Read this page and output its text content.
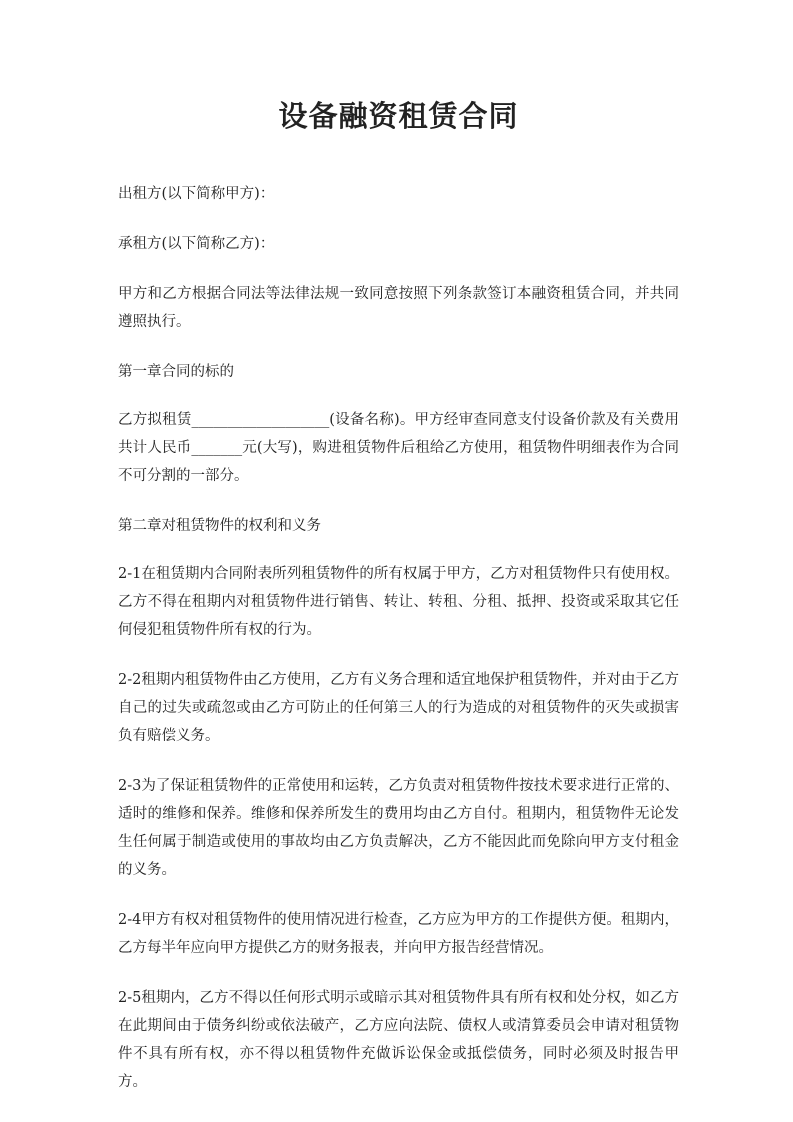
设备融资租赁合同

出租方(以下简称甲方)：

承租方(以下简称乙方)：

甲方和乙方根据合同法等法律法规一致同意按照下列条款签订本融资租赁合同，并共同遵照执行。

第一章合同的标的

乙方拟租赁___________________(设备名称)。甲方经审查同意支付设备价款及有关费用共计人民币_______元(大写)，购进租赁物件后租给乙方使用，租赁物件明细表作为合同不可分割的一部分。

第二章对租赁物件的权利和义务

2-1在租赁期内合同附表所列租赁物件的所有权属于甲方，乙方对租赁物件只有使用权。乙方不得在租期内对租赁物件进行销售、转让、转租、分租、抵押、投资或采取其它任何侵犯租赁物件所有权的行为。

2-2租期内租赁物件由乙方使用，乙方有义务合理和适宜地保护租赁物件，并对由于乙方自己的过失或疏忽或由乙方可防止的任何第三人的行为造成的对租赁物件的灭失或损害负有赔偿义务。

2-3为了保证租赁物件的正常使用和运转，乙方负责对租赁物件按技术要求进行正常的、适时的维修和保养。维修和保养所发生的费用均由乙方自付。租期内，租赁物件无论发生任何属于制造或使用的事故均由乙方负责解决，乙方不能因此而免除向甲方支付租金的义务。

2-4甲方有权对租赁物件的使用情况进行检查，乙方应为甲方的工作提供方便。租期内，乙方每半年应向甲方提供乙方的财务报表，并向甲方报告经营情况。

2-5租期内，乙方不得以任何形式明示或暗示其对租赁物件具有所有权和处分权，如乙方在此期间由于债务纠纷或依法破产，乙方应向法院、债权人或清算委员会申请对租赁物件不具有所有权，亦不得以租赁物件充做诉讼保金或抵偿债务，同时必须及时报告甲方。
